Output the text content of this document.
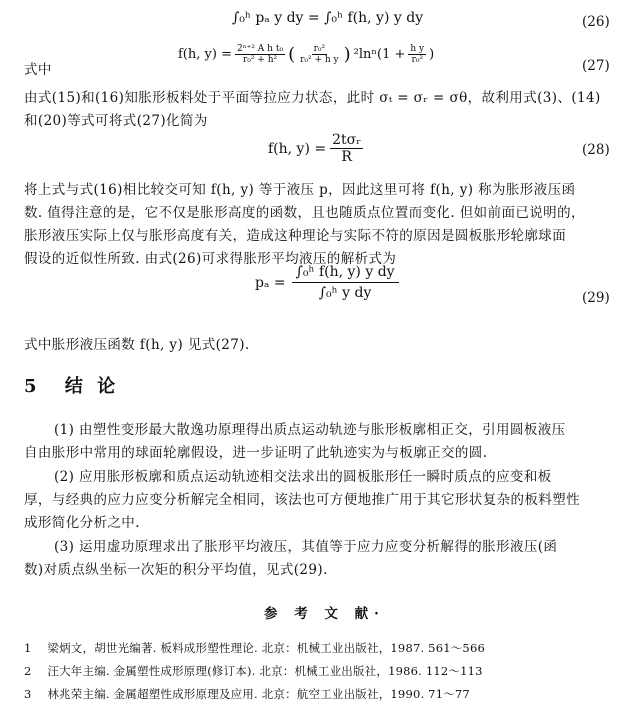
∫₀ʰ pₐ y dy = ∫₀ʰ f(h, y) y dy	(26)
式中
f(h, $y) = \frac{\text{2ⁿ⁺² A h t₀}}{\text{r₀² + h²}}$ ( $\frac{\text{r₀²}}{\text{r₀² + h y}}$ ) $^2\ln^n(1 + \frac{\text{h y}}{\text{r₀²}}$ )
(27)
由式(15)和(16)知胀形板料处于平面等拉应力状态，此时 σₜ = σᵣ = σθ，故利用式(3)、(14)
和(20)等式可将式(27)化简为
f(h, $y) = \frac{\text{2tσᵣ}}{R}$	(28)
将上式与式(16)相比较交可知 f(h, y) 等于液压 p，因此这里可将 f(h, y) 称为胀形液压函
数. 值得注意的是，它不仅是胀形高度的函数，且也随质点位置而变化. 但如前面已说明的，
胀形液压实际上仅与胀形高度有关，造成这种理论与实际不符的原因是圆板胀形轮廓球面
假设的近似性所致. 由式(26)可求得胀形平均液压的解析式为
$p_a = \frac{\text{∫₀ʰ f(h, y) y dy}}{\text{∫₀ʰ y dy}}$	(29)
式中胀形液压函数 f(h, y) 见式(27).
5 结 论
(1) 由塑性变形最大散逸功原理得出质点运动轨迹与胀形板廓相正交，引用圆板液压
自由胀形中常用的球面轮廓假设，进一步证明了此轨迹实为与板廓正交的圆.
(2) 应用胀形板廓和质点运动轨迹相交法求出的圆板胀形任一瞬时质点的应变和板
厚，与经典的应力应变分析解完全相同，该法也可方便地推广用于其它形状复杂的板料塑性
成形简化分析之中.
(3) 运用虚功原理求出了胀形平均液压，其值等于应力应变分析解得的胀形液压(函
数)对质点纵坐标一次矩的积分平均值，见式(29).
参 考 文 献·
1 梁炳文，胡世光编著. 板料成形塑性理论. 北京：机械工业出版社，1987. 561～566
2 汪大年主编. 金属塑性成形原理(修订本). 北京：机械工业出版社，1986. 112～113
3 林兆荣主编. 金属超塑性成形原理及应用. 北京：航空工业出版社，1990. 71～77
